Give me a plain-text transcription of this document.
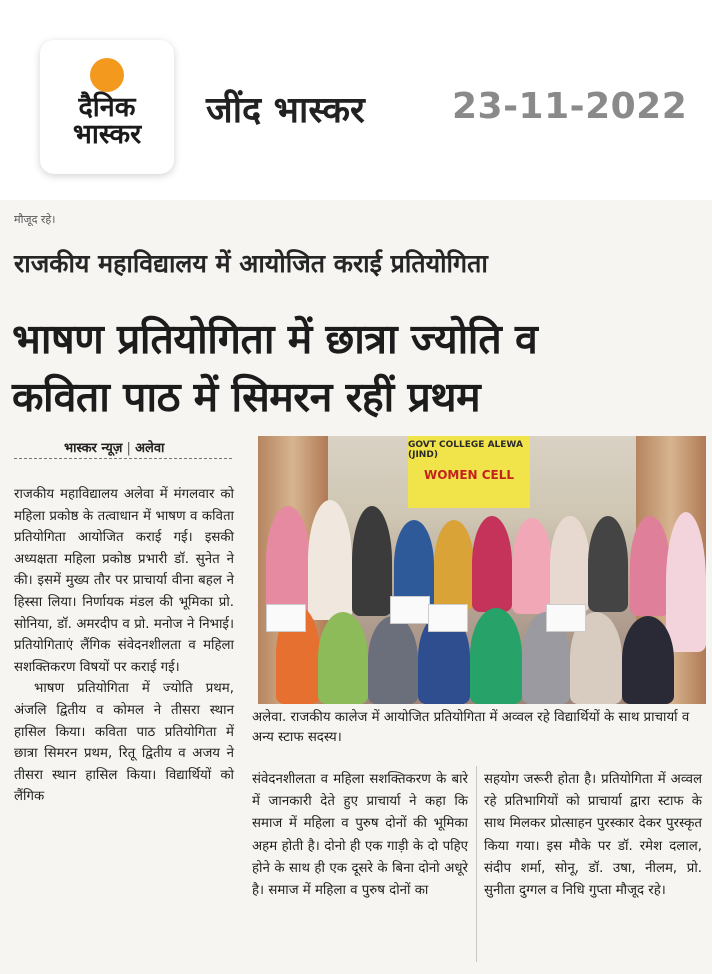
दैनिक
भास्कर
जींद भास्कर 23-11-2022
मौजूद रहे।
राजकीय महाविद्यालय में आयोजित कराई प्रतियोगिता
भाषण प्रतियोगिता में छात्रा ज्योति व
कविता पाठ में सिमरन रहीं प्रथम
भास्कर न्यूज़ | अलेवा

राजकीय महाविद्यालय अलेवा में मंगलवार को महिला प्रकोष्ठ के तत्वाधान में भाषण व कविता प्रतियोगिता आयोजित कराई गई। इसकी अध्यक्षता महिला प्रकोष्ठ प्रभारी डॉ. सुनेत ने की। इसमें मुख्य तौर पर प्राचार्या वीना बहल ने हिस्सा लिया। निर्णायक मंडल की भूमिका प्रो. सोनिया, डॉ. अमरदीप व प्रो. मनोज ने निभाई। प्रतियोगिताएं लैंगिक संवेदनशीलता व महिला सशक्तिकरण विषयों पर कराई गई।

भाषण प्रतियोगिता में ज्योति प्रथम, अंजलि द्वितीय व कोमल ने तीसरा स्थान हासिल किया। कविता पाठ प्रतियोगिता में छात्रा सिमरन प्रथम, रितू द्वितीय व अजय ने तीसरा स्थान हासिल किया। विद्यार्थियों को लैंगिक

GOVT COLLEGE ALEWA (JIND)
WOMEN CELL
अलेवा. राजकीय कालेज में आयोजित प्रतियोगिता में अव्वल रहे विद्यार्थियों के साथ प्राचार्या व अन्य स्टाफ सदस्य।
संवेदनशीलता व महिला सशक्तिकरण के बारे में जानकारी देते हुए प्राचार्या ने कहा कि समाज में महिला व पुरुष दोनों की भूमिका अहम होती है। दोनो ही एक गाड़ी के दो पहिए होने के साथ ही एक दूसरे के बिना दोनो अधूरे है। समाज में महिला व पुरुष दोनों का
सहयोग जरूरी होता है। प्रतियोगिता में अव्वल रहे प्रतिभागियों को प्राचार्या द्वारा स्टाफ के साथ मिलकर प्रोत्साहन पुरस्कार देकर पुरस्कृत किया गया। इस मौके पर डॉ. रमेश दलाल, संदीप शर्मा, सोनू, डॉ. उषा, नीलम, प्रो. सुनीता दुग्गल व निधि गुप्ता मौजूद रहे।
